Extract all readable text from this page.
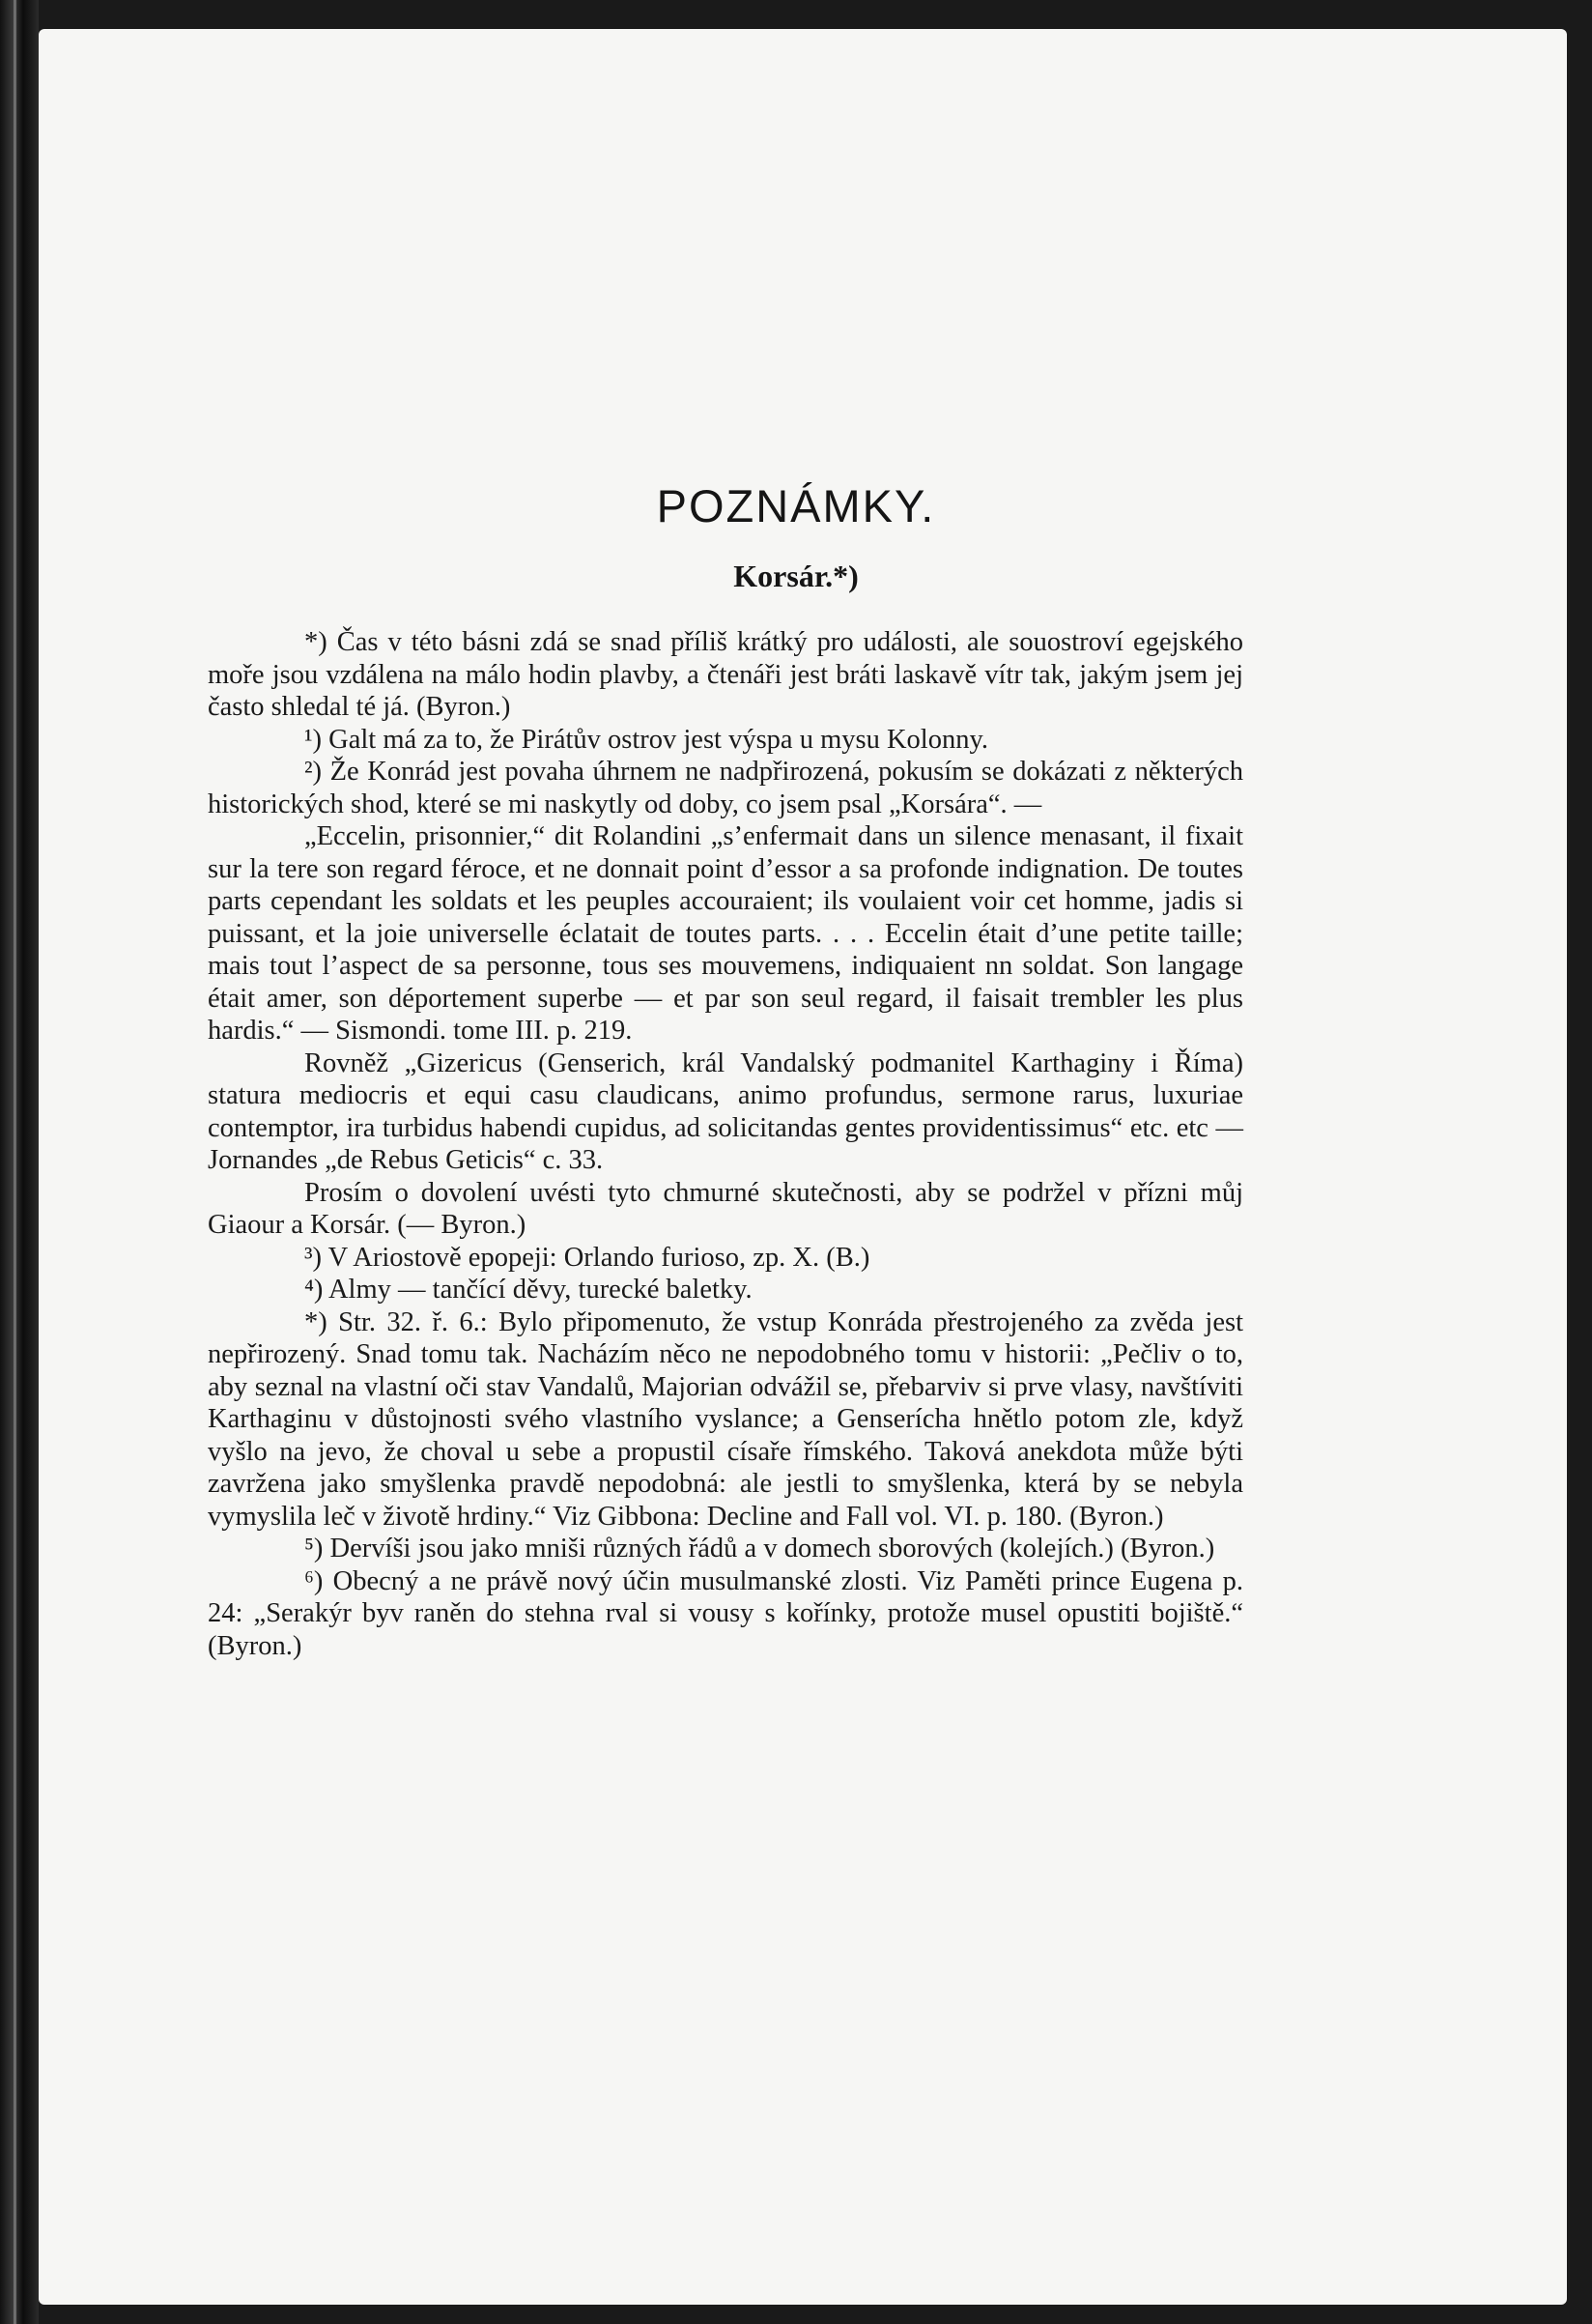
POZNÁMKY.
Korsár.*)

*) Čas v této básni zdá se snad příliš krátký pro události, ale souostroví egejského moře jsou vzdálena na málo hodin plavby, a čtenáři jest bráti laskavě vítr tak, jakým jsem jej často shledal té já. (Byron.)

¹) Galt má za to, že Pirátův ostrov jest výspa u mysu Kolonny.

²) Že Konrád jest povaha úhrnem ne nadpřirozená, pokusím se dokázati z některých historických shod, které se mi naskytly od doby, co jsem psal „Korsára“. —

„Eccelin, prisonnier,“ dit Rolandini „s’enfermait dans un silence menasant, il fixait sur la tere son regard féroce, et ne donnait point d’essor a sa profonde indignation. De toutes parts cependant les soldats et les peuples accouraient; ils voulaient voir cet homme, jadis si puissant, et la joie universelle éclatait de toutes parts. . . . Eccelin était d’une petite taille; mais tout l’aspect de sa personne, tous ses mouvemens, indiquaient nn soldat. Son langage était amer, son déportement superbe — et par son seul regard, il faisait trembler les plus hardis.“ — Sismondi. tome III. p. 219.

Rovněž „Gizericus (Genserich, král Vandalský podmanitel Karthaginy i Říma) statura mediocris et equi casu claudicans, animo profundus, sermone rarus, luxuriae contemptor, ira turbidus habendi cupidus, ad solicitandas gentes providentissimus“ etc. etc — Jornandes „de Rebus Geticis“ c. 33.

Prosím o dovolení uvésti tyto chmurné skutečnosti, aby se podržel v přízni můj Giaour a Korsár. (— Byron.)

³) V Ariostově epopeji: Orlando furioso, zp. X. (B.)

⁴) Almy — tančící děvy, turecké baletky.

*) Str. 32. ř. 6.: Bylo připomenuto, že vstup Konráda přestrojeného za zvěda jest nepřirozený. Snad tomu tak. Nacházím něco ne nepodobného tomu v historii: „Pečliv o to, aby seznal na vlastní oči stav Vandalů, Majorian odvážil se, přebarviv si prve vlasy, navštíviti Karthaginu v důstojnosti svého vlastního vyslance; a Genserícha hnětlo potom zle, když vyšlo na jevo, že choval u sebe a propustil císaře římského. Taková anekdota může býti zavržena jako smyšlenka pravdě nepodobná: ale jestli to smyšlenka, která by se nebyla vymyslila leč v životě hrdiny.“ Viz Gibbona: Decline and Fall vol. VI. p. 180. (Byron.)

⁵) Dervíši jsou jako mniši různých řádů a v domech sborových (kolejích.) (Byron.)

⁶) Obecný a ne právě nový účin musulmanské zlosti. Viz Paměti prince Eugena p. 24: „Serakýr byv raněn do stehna rval si vousy s kořínky, protože musel opustiti bojiště.“ (Byron.)
